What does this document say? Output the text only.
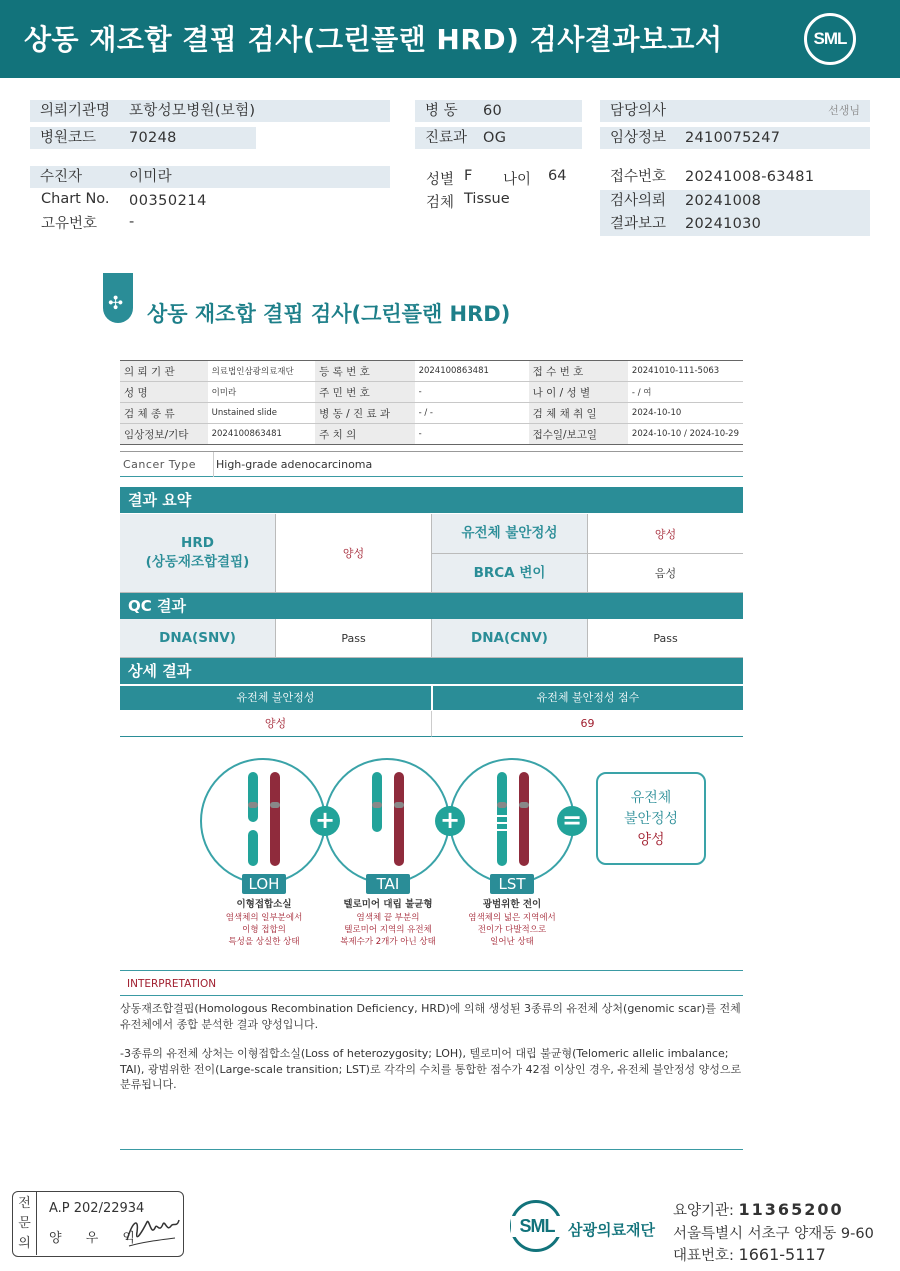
상동 재조합 결핍 검사(그린플랜 HRD) 검사결과보고서	SML
의뢰기관명 포항성모병원(보험)
병원코드 70248
수진자	이미라
Chart No. 00350214
고유번호 -
병 동 60
진료과 OG
성별 F 나이 64
검체 Tissue
담당의사	선생님
임상정보 2410075247
접수번호 20241008-63481
검사의뢰 20241008
결과보고 20241030
✣ 상동 재조합 결핍 검사(그린플랜 HRD)
의 뢰 기 관	의료법인삼광의료재단	등 록 번 호	2024100863481	접 수 번 호	20241010-111-5063
성 명	이미라	주 민 번 호	-	나 이 / 성 별	- / 여
검 체 종 류	Unstained slide	병 동 / 진 료 과	- / -	검 체 채 취 일	2024-10-10
임상정보/기타	2024100863481	주 치 의	-	접수일/보고일	2024-10-10 / 2024-10-29
Cancer Type High-grade adenocarcinoma
결과 요약
HRD
(상동재조합결핍)
양성
유전체 불안정성	양성
BRCA 변이	음성
QC 결과
DNA(SNV)	Pass	DNA(CNV)	Pass
상세 결과
유전체 불안정성	유전체 불안정성 점수
양성	69
LOH	TAI	LST
+	+	=
유전체
불안정성
양성
이형접합소실
염색체의 일부분에서
이형 접합의
특성을 상실한 상태
텔로미어 대립 불균형
염색체 끝 부분의
텔로미어 지역의 유전체
복제수가 2개가 아닌 상태
광범위한 전이
염색체의 넓은 지역에서
전이가 다발적으로
일어난 상태
INTERPRETATION
상동재조합결핍(Homologous Recombination Deficiency, HRD)에 의해 생성된 3종류의 유전체 상처(genomic scar)를 전체 유전체에서 종합 분석한 결과 양성입니다.
-3종류의 유전체 상처는 이형접합소실(Loss of heterozygosity; LOH), 텔로미어 대립 불균형(Telomeric allelic imbalance; TAI), 광범위한 전이(Large-scale transition; LST)로 각각의 수치를 통합한 점수가 42점 이상인 경우, 유전체 불안정성 양성으로 분류됩니다.
전
문
의
A.P 202/22934
양 우 익
SML 삼광의료재단
요양기관: 11365200
서울특별시 서초구 양재동 9-60
대표번호: 1661-5117
